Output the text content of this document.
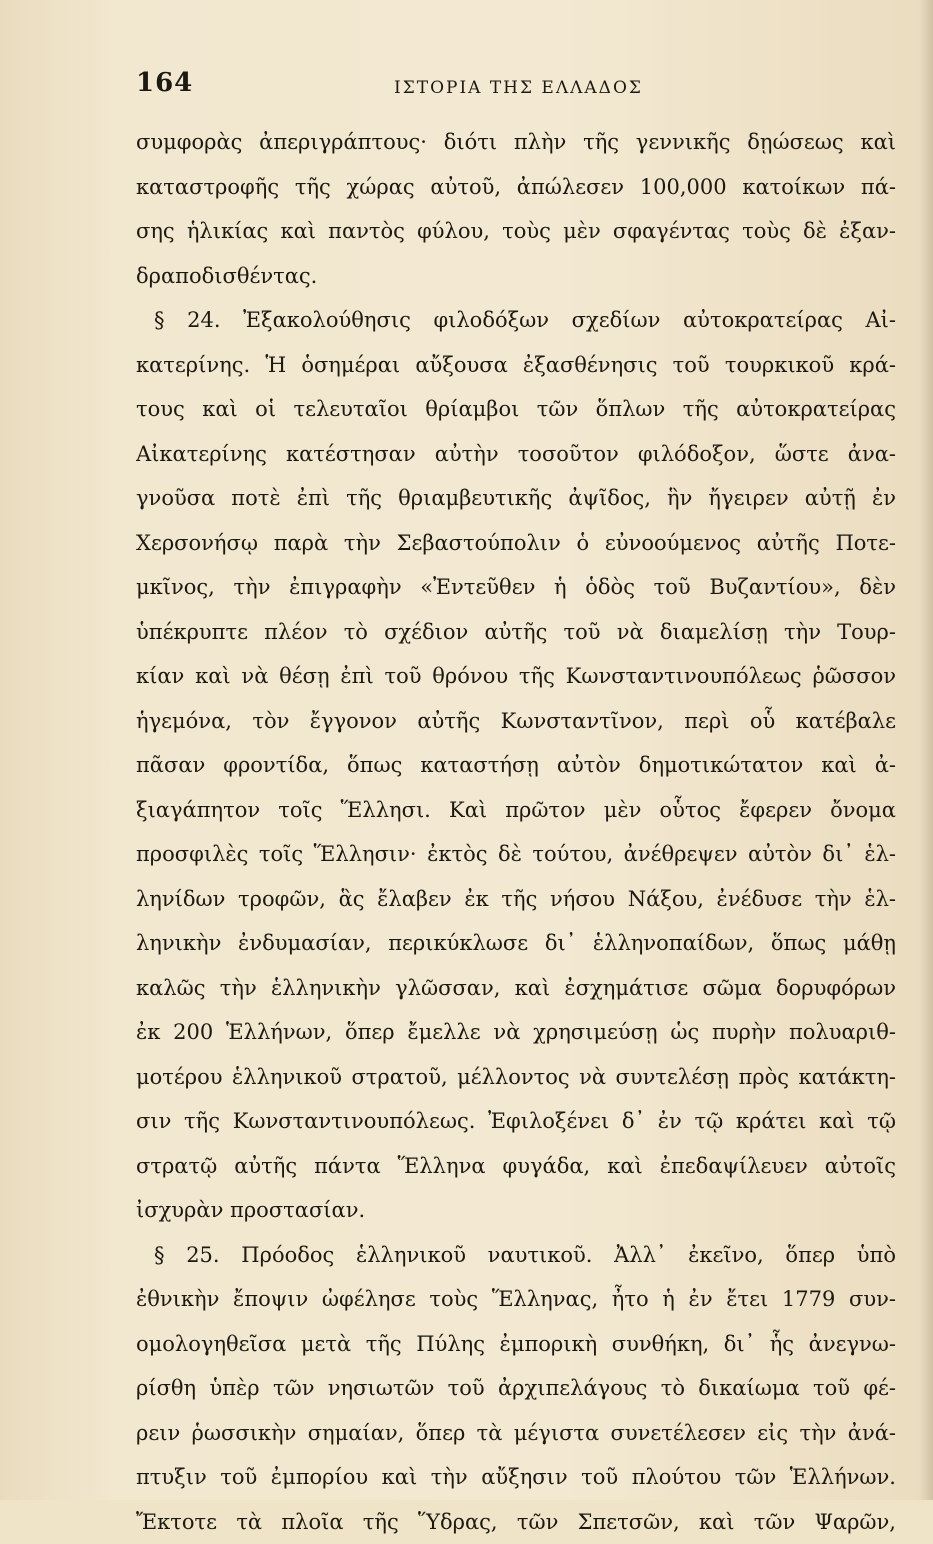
164	ΙΣΤΟΡΙΑ ΤΗΣ ΕΛΛΑΔΟΣ
συμφορὰς ἀπεριγράπτους· διότι πλὴν τῆς γεννικῆς δῃώσεως καὶ
καταστροφῆς τῆς χώρας αὐτοῦ, ἀπώλεσεν 100,000 κατοίκων πά-
σης ἡλικίας καὶ παντὸς φύλου, τοὺς μὲν σφαγέντας τοὺς δὲ ἐξαν-
δραποδισθέντας.
§ 24. Ἐξακολούθησις φιλοδόξων σχεδίων αὐτοκρατείρας Αἰ-
κατερίνης. Ἡ ὁσημέραι αὔξουσα ἐξασθένησις τοῦ τουρκικοῦ κρά-
τους καὶ οἱ τελευταῖοι θρίαμβοι τῶν ὅπλων τῆς αὐτοκρατείρας
Αἰκατερίνης κατέστησαν αὐτὴν τοσοῦτον φιλόδοξον, ὥστε ἀνα-
γνοῦσα ποτὲ ἐπὶ τῆς θριαμβευτικῆς ἀψῖδος, ἣν ἤγειρεν αὐτῇ ἐν
Χερσονήσῳ παρὰ τὴν Σεβαστούπολιν ὁ εὐνοούμενος αὐτῆς Ποτε-
μκῖνος, τὴν ἐπιγραφὴν «Ἐντεῦθεν ἡ ὁδὸς τοῦ Βυζαντίου», δὲν
ὑπέκρυπτε πλέον τὸ σχέδιον αὐτῆς τοῦ νὰ διαμελίσῃ τὴν Τουρ-
κίαν καὶ νὰ θέσῃ ἐπὶ τοῦ θρόνου τῆς Κωνσταντινουπόλεως ῥῶσσον
ἡγεμόνα, τὸν ἔγγονον αὐτῆς Κωνσταντῖνον, περὶ οὗ κατέβαλε
πᾶσαν φροντίδα, ὅπως καταστήσῃ αὐτὸν δημοτικώτατον καὶ ἀ-
ξιαγάπητον τοῖς Ἕλλησι. Καὶ πρῶτον μὲν οὗτος ἔφερεν ὄνομα
προσφιλὲς τοῖς Ἕλλησιν· ἐκτὸς δὲ τούτου, ἀνέθρεψεν αὐτὸν δι᾽ ἑλ-
ληνίδων τροφῶν, ἃς ἔλαβεν ἐκ τῆς νήσου Νάξου, ἐνέδυσε τὴν ἑλ-
ληνικὴν ἐνδυμασίαν, περικύκλωσε δι᾽ ἑλληνοπαίδων, ὅπως μάθῃ
καλῶς τὴν ἑλληνικὴν γλῶσσαν, καὶ ἐσχημάτισε σῶμα δορυφόρων
ἐκ 200 Ἑλλήνων, ὅπερ ἔμελλε νὰ χρησιμεύσῃ ὡς πυρὴν πολυαριθ-
μοτέρου ἑλληνικοῦ στρατοῦ, μέλλοντος νὰ συντελέσῃ πρὸς κατάκτη-
σιν τῆς Κωνσταντινουπόλεως. Ἐφιλοξένει δ᾽ ἐν τῷ κράτει καὶ τῷ
στρατῷ αὐτῆς πάντα Ἕλληνα φυγάδα, καὶ ἐπεδαψίλευεν αὐτοῖς
ἰσχυρὰν προστασίαν.
§ 25. Πρόοδος ἑλληνικοῦ ναυτικοῦ. Ἀλλ᾽ ἐκεῖνο, ὅπερ ὑπὸ
ἐθνικὴν ἔποψιν ὠφέλησε τοὺς Ἕλληνας, ἦτο ἡ ἐν ἔτει 1779 συν-
ομολογηθεῖσα μετὰ τῆς Πύλης ἐμπορικὴ συνθήκη, δι᾽ ἧς ἀνεγνω-
ρίσθη ὑπὲρ τῶν νησιωτῶν τοῦ ἀρχιπελάγους τὸ δικαίωμα τοῦ φέ-
ρειν ῥωσσικὴν σημαίαν, ὅπερ τὰ μέγιστα συνετέλεσεν εἰς τὴν ἀνά-
πτυξιν τοῦ ἐμπορίου καὶ τὴν αὔξησιν τοῦ πλούτου τῶν Ἑλλήνων.
Ἔκτοτε τὰ πλοῖα τῆς Ὕδρας, τῶν Σπετσῶν, καὶ τῶν Ψαρῶν,
